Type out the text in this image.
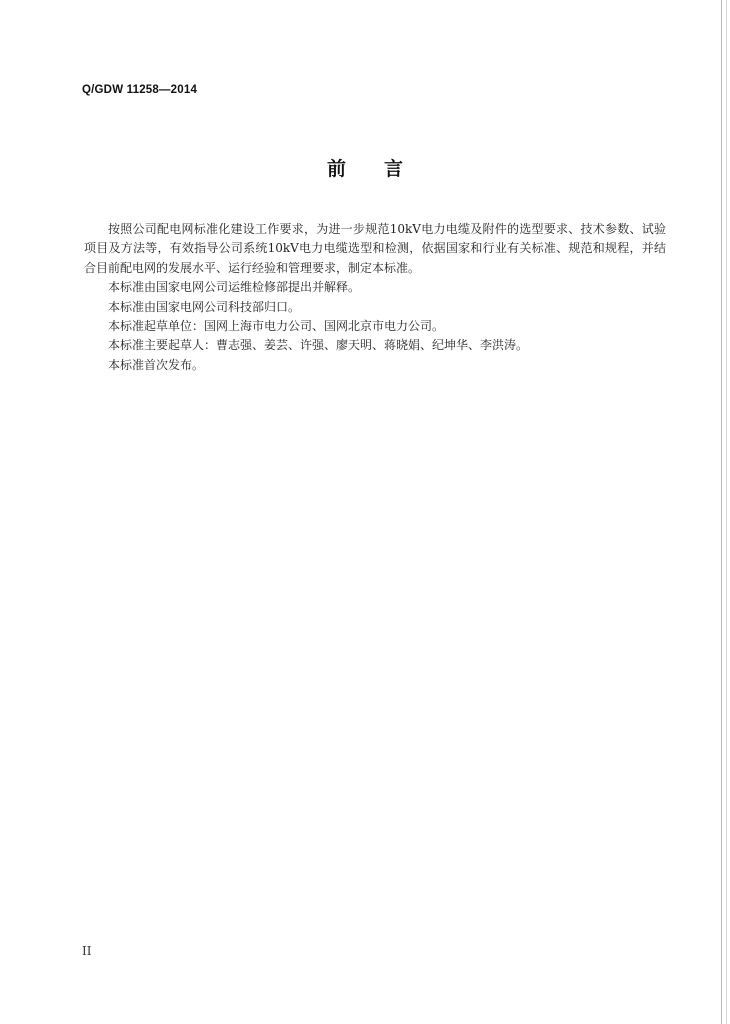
Q/GDW 11258—2014
前言

按照公司配电网标准化建设工作要求，为进一步规范10kV电力电缆及附件的选型要求、技术参数、试验项目及方法等，有效指导公司系统10kV电力电缆选型和检测，依据国家和行业有关标准、规范和规程，并结合目前配电网的发展水平、运行经验和管理要求，制定本标准。

本标准由国家电网公司运维检修部提出并解释。

本标准由国家电网公司科技部归口。

本标准起草单位：国网上海市电力公司、国网北京市电力公司。

本标准主要起草人：曹志强、姜芸、许强、廖天明、蒋晓娟、纪坤华、李洪涛。

本标准首次发布。

II
